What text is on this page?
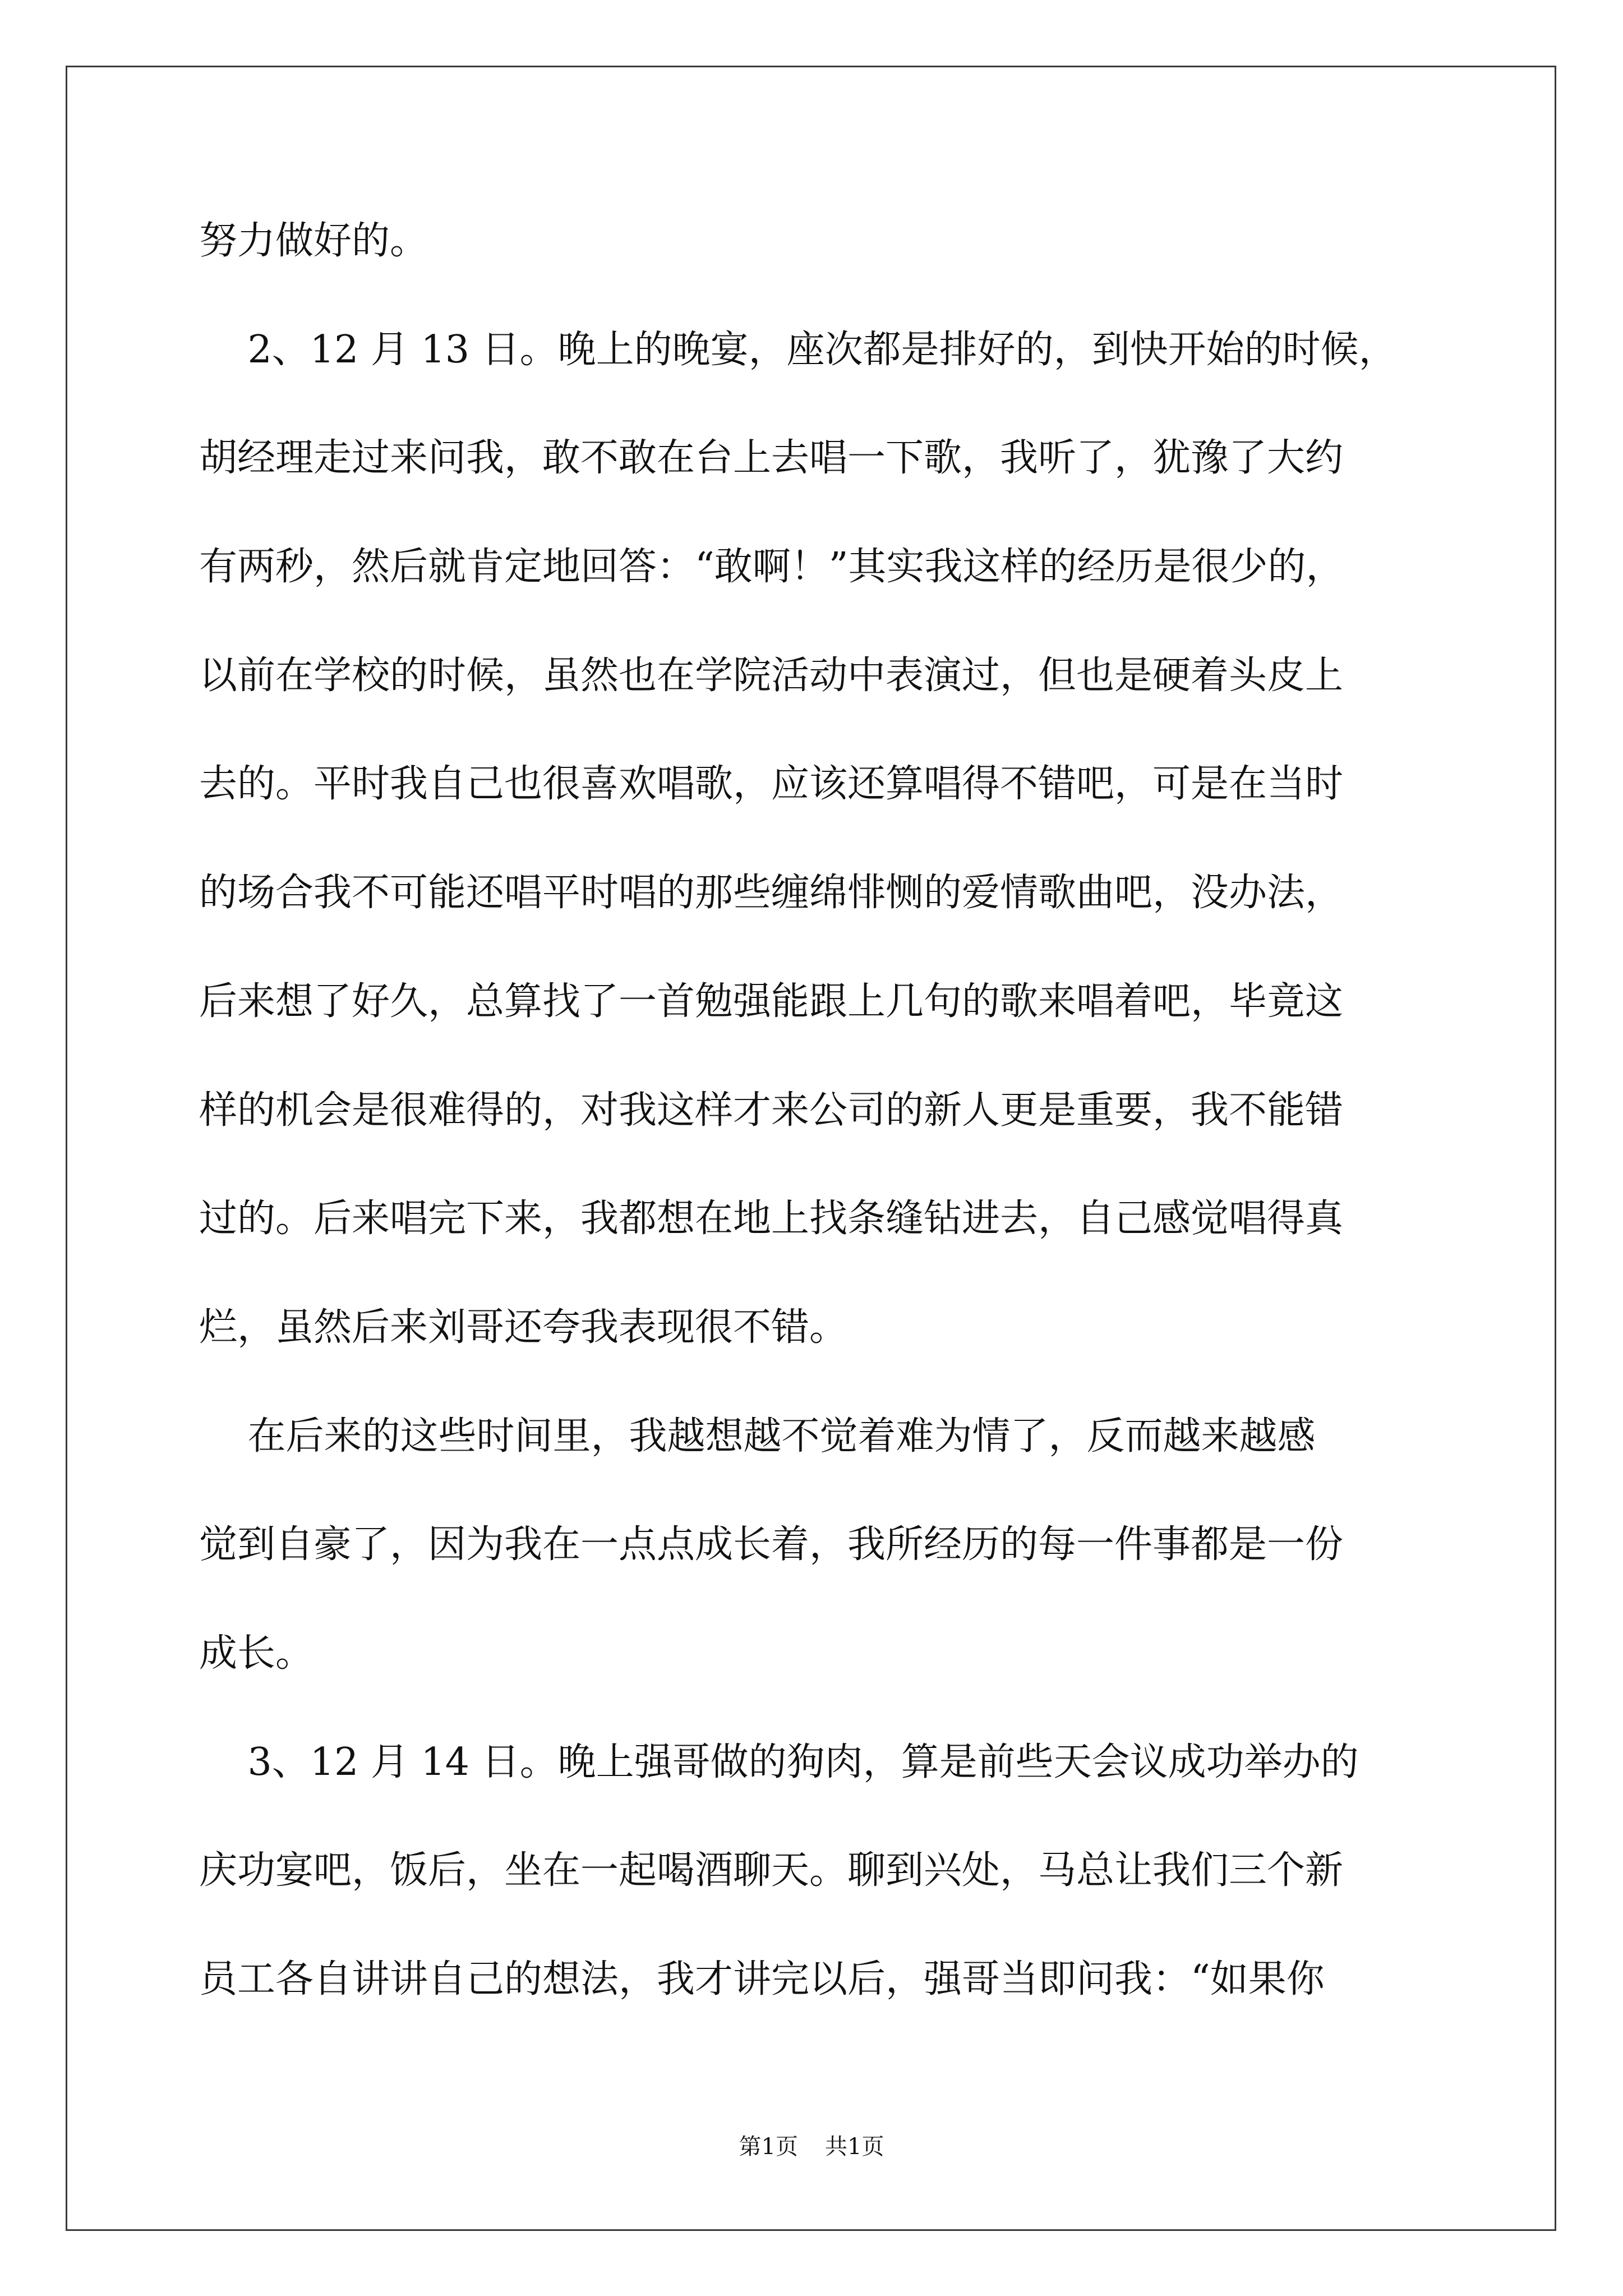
努力做好的。

2、12 月 13 日。晚上的晚宴，座次都是排好的，到快开始的时候，

胡经理走过来问我，敢不敢在台上去唱一下歌，我听了，犹豫了大约

有两秒，然后就肯定地回答：“敢啊！”其实我这样的经历是很少的，

以前在学校的时候，虽然也在学院活动中表演过，但也是硬着头皮上

去的。平时我自己也很喜欢唱歌，应该还算唱得不错吧，可是在当时

的场合我不可能还唱平时唱的那些缠绵悱恻的爱情歌曲吧，没办法，

后来想了好久，总算找了一首勉强能跟上几句的歌来唱着吧，毕竟这

样的机会是很难得的，对我这样才来公司的新人更是重要，我不能错

过的。后来唱完下来，我都想在地上找条缝钻进去，自己感觉唱得真

烂，虽然后来刘哥还夸我表现很不错。

在后来的这些时间里，我越想越不觉着难为情了，反而越来越感

觉到自豪了，因为我在一点点成长着，我所经历的每一件事都是一份

成长。

3、12 月 14 日。晚上强哥做的狗肉，算是前些天会议成功举办的

庆功宴吧，饭后，坐在一起喝酒聊天。聊到兴处，马总让我们三个新

员工各自讲讲自己的想法，我才讲完以后，强哥当即问我：“如果你

第1页 共1页
